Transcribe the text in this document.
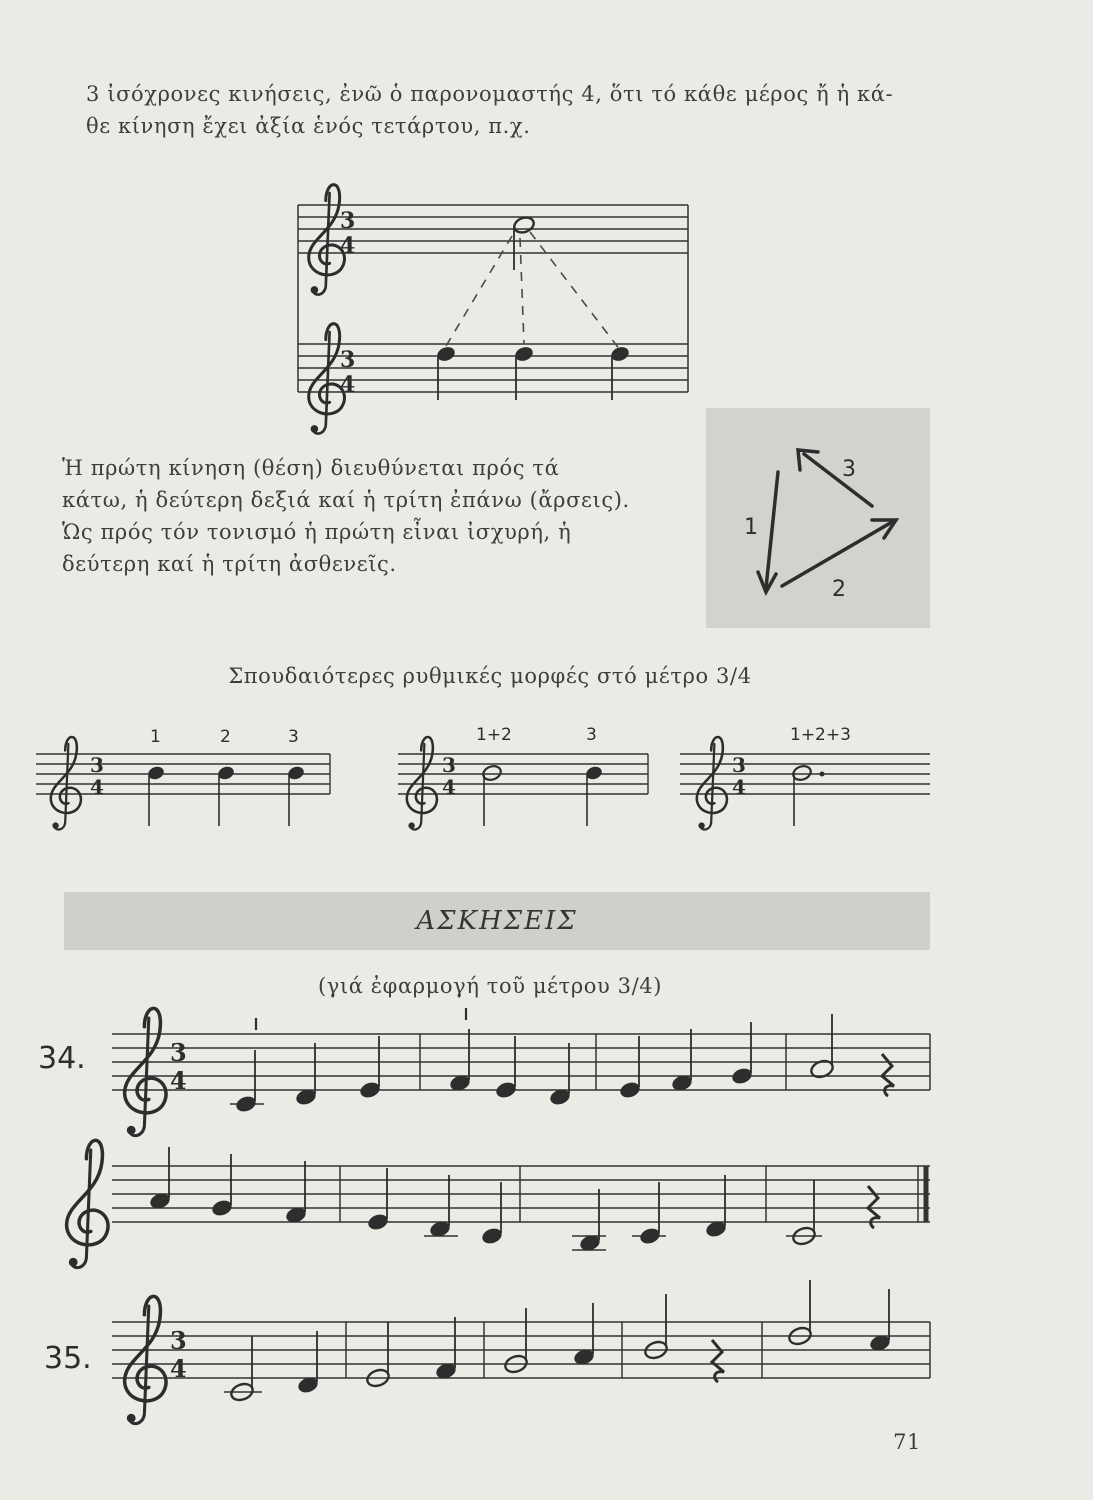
3 ἰσόχρονες κινήσεις, ἐνῶ ὁ παρονομαστής 4, ὅτι τό κάθε μέρος ἤ ἡ κά-
θε κίνηση ἔχει ἀξία ἑνός τετάρτου, π.χ.

Ἡ πρώτη κίνηση (θέση) διευθύνεται πρός τά
κάτω, ἡ δεύτερη δεξιά καί ἡ τρίτη ἐπάνω (ἄρσεις).
Ὡς πρός τόν τονισμό ἡ πρώτη εἶναι ἰσχυρή, ἡ
δεύτερη καί ἡ τρίτη ἀσθενεῖς.

Σπουδαιότερες ρυθμικές μορφές στό μέτρο 3/4

ΑΣΚΗΣΕΙΣ

(γιά ἐφαρμογή τοῦ μέτρου 3/4)

71

3
4
3
4
1
2
3
3
4
1	2	3
3
4
1+2	3
3
4
1+2+3
34.	3
4
35.
3
4
